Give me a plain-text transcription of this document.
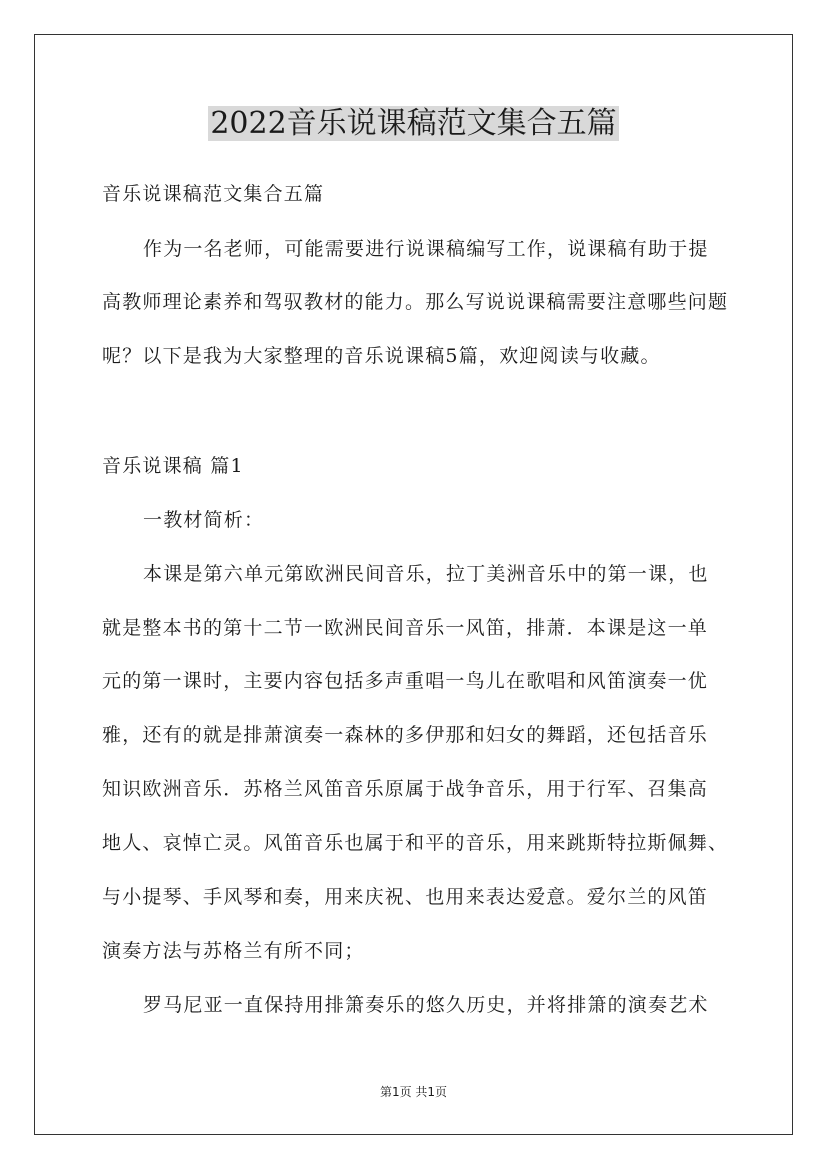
2022音乐说课稿范文集合五篇
音乐说课稿范文集合五篇
作为一名老师，可能需要进行说课稿编写工作，说课稿有助于提
高教师理论素养和驾驭教材的能力。那么写说说课稿需要注意哪些问题
呢？以下是我为大家整理的音乐说课稿5篇，欢迎阅读与收藏。
音乐说课稿 篇1
一教材简析：
本课是第六单元第欧洲民间音乐，拉丁美洲音乐中的第一课，也
就是整本书的第十二节一欧洲民间音乐一风笛，排萧．本课是这一单
元的第一课时，主要内容包括多声重唱一鸟儿在歌唱和风笛演奏一优
雅，还有的就是排萧演奏一森林的多伊那和妇女的舞蹈，还包括音乐
知识欧洲音乐．苏格兰风笛音乐原属于战争音乐，用于行军、召集高
地人、哀悼亡灵。风笛音乐也属于和平的音乐，用来跳斯特拉斯佩舞、
与小提琴、手风琴和奏，用来庆祝、也用来表达爱意。爱尔兰的风笛
演奏方法与苏格兰有所不同；
罗马尼亚一直保持用排箫奏乐的悠久历史，并将排箫的演奏艺术
第1页 共1页
